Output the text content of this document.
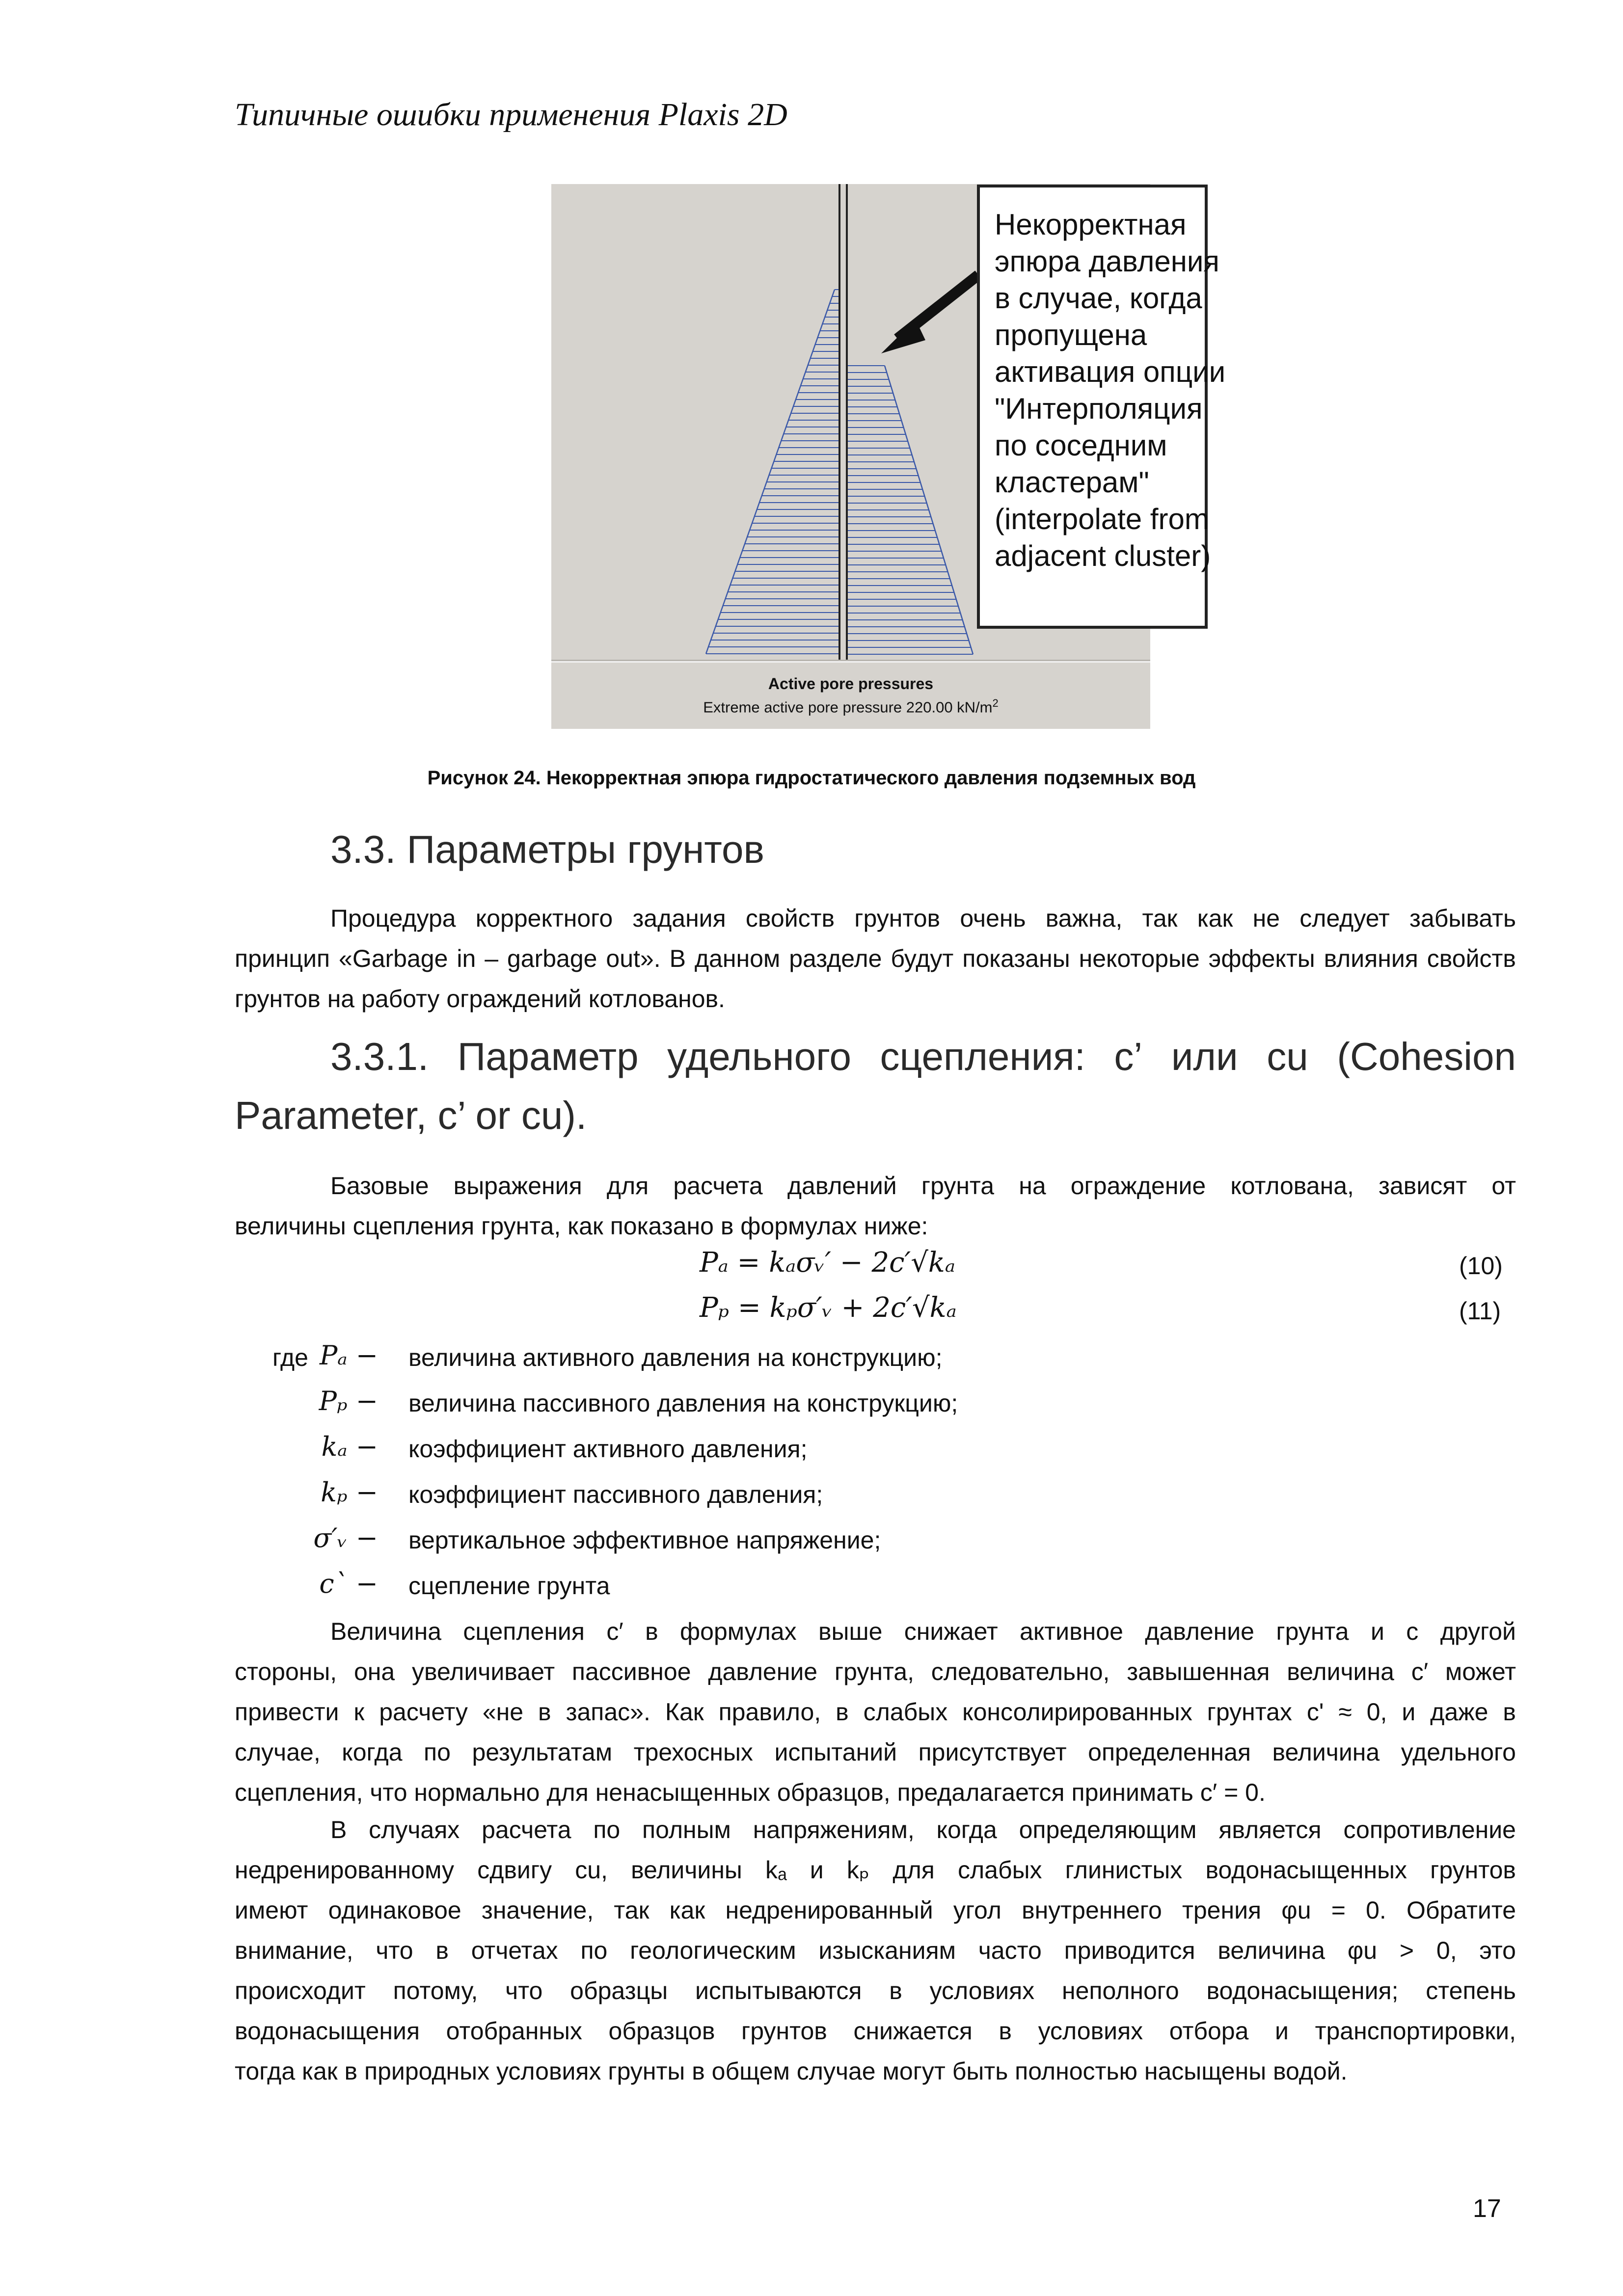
Типичные ошибки применения Plaxis 2D
Active pore pressures
Extreme active pore pressure 220.00 $kN/m^2$
Некорректная
эпюра давления
в случае, когда
пропущена
активация опции
"Интерполяция
по соседним
кластерам"
(interpolate from
adjacent cluster)
Рисунок 24. Некорректная эпюра гидростатического давления подземных вод
3.3. Параметры грунтов
Процедура корректного задания свойств грунтов очень важна, так как не следует забывать
принцип «Garbage in – garbage out». В данном разделе будут показаны некоторые эффекты влияния свойств грунтов на работу ограждений котлованов.
3.3.1. Параметр удельного сцепления: с’ или cu (Cohesion
Parameter, с’ or cu).
Базовые выражения для расчета давлений грунта на ограждение котлована, зависят от
величины сцепления грунта, как показано в формулах ниже:
Pₐ = kₐσᵥ′ − 2c′√kₐ	(10)
Pₚ = kₚσ′ᵥ + 2c′√kₐ	(11)
где Pₐ − величина активного давления на конструкцию;
Pₚ − величина пассивного давления на конструкцию;
kₐ − коэффициент активного давления;
kₚ − коэффициент пассивного давления;
σ′ᵥ − вертикальное эффективное напряжение;
c` − сцепление грунта
Величина сцепления c′ в формулах выше снижает активное давление грунта и с другой
стороны, она увеличивает пассивное давление грунта, следовательно, завышенная величина c′ может
привести к расчету «не в запас». Как правило, в слабых консолирированных грунтах с' ≈ 0, и даже в
случае, когда по результатам трехосных испытаний присутствует определенная величина удельного
сцепления, что нормально для ненасыщенных образцов, предалагается принимать c′ = 0.
В случаях расчета по полным напряжениям, когда определяющим является сопротивление
недренированному сдвигу cu, величины kₐ и kₚ для слабых глинистых водонасыщенных грунтов
имеют одинаковое значение, так как недренированный угол внутреннего трения φu = 0. Обратите
внимание, что в отчетах по геологическим изысканиям часто приводится величина φu > 0, это
происходит потому, что образцы испытываются в условиях неполного водонасыщения; степень
водонасыщения отобранных образцов грунтов снижается в условиях отбора и транспортировки,
тогда как в природных условиях грунты в общем случае могут быть полностью насыщены водой.
17
